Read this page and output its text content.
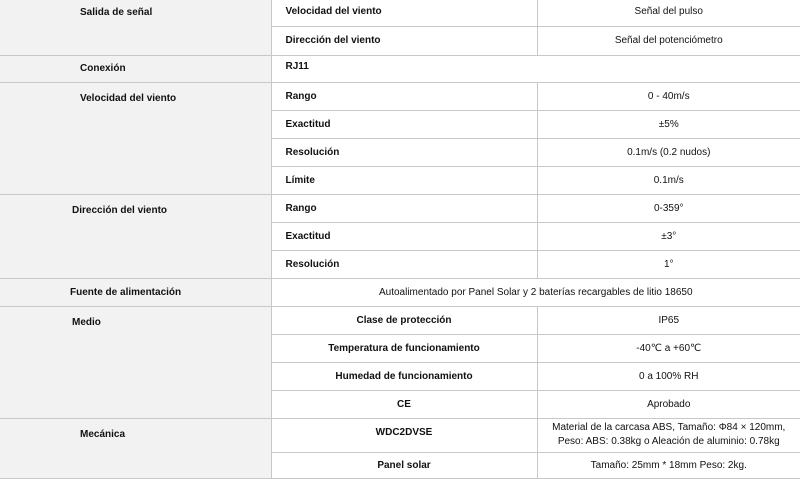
Salida de señal	Velocidad del viento	Señal del pulso
	Dirección del viento	Señal del potenciómetro

Conexión	RJ11	

Velocidad del viento	Rango	0 - 40m/s
	Exactitud	±5%
	Resolución	0.1m/s (0.2 nudos)
	Límite	0.1m/s

Dirección del viento	Rango	0-359°
	Exactitud	±3°
	Resolución	1°

Fuente de alimentación	Autoalimentado por Panel Solar y 2 baterías recargables de litio 18650	

Medio	Clase de protección	IP65
	Temperatura de funcionamiento	-40℃ a +60℃
	Humedad de funcionamiento	0 a 100% RH
	CE	Aprobado

Mecánica	WDC2DVSE	Material de la carcasa ABS, Tamaño: Φ84 × 120mm,
Peso: ABS: 0.38kg o Aleación de aluminio: 0.78kg

	Panel solar	Tamaño: 25mm * 18mm Peso: 2kg.
